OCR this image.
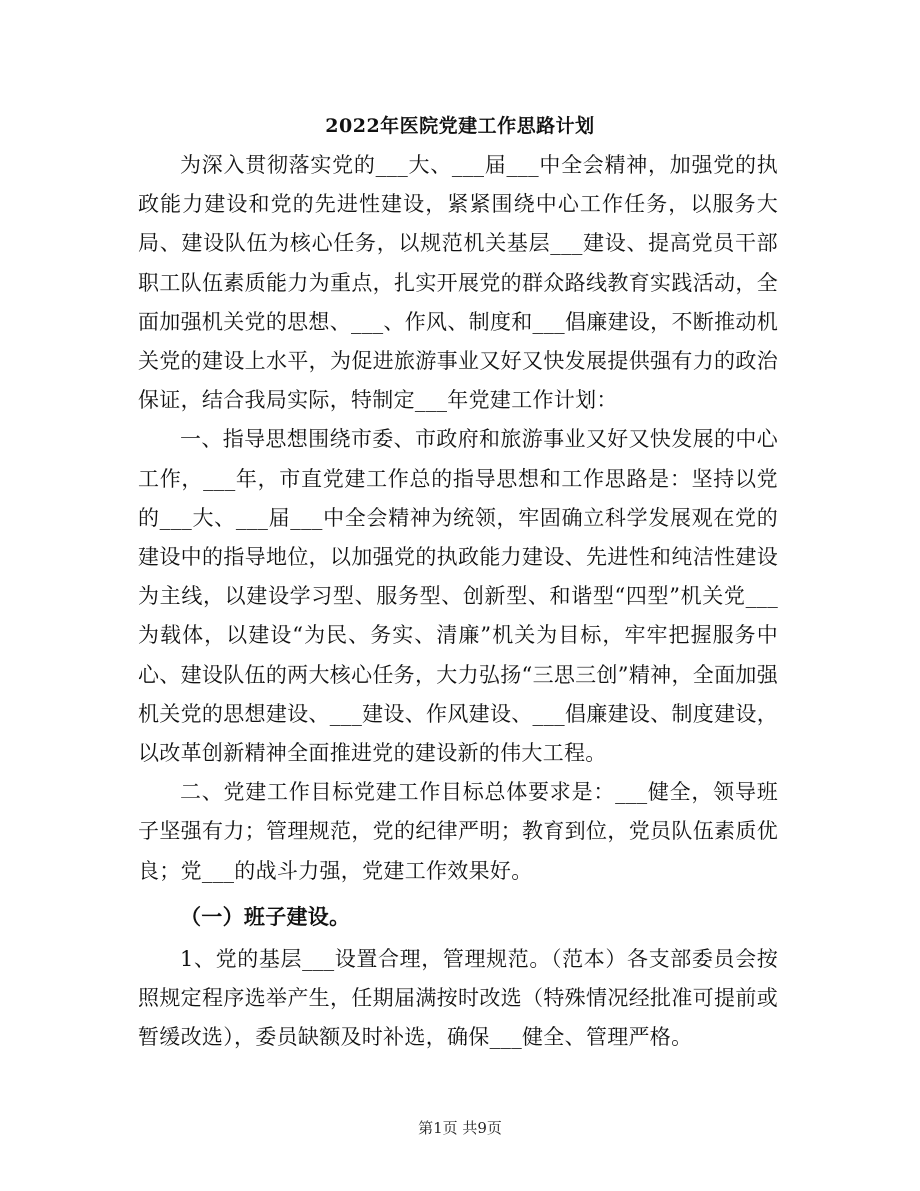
2022年医院党建工作思路计划

为深入贯彻落实党的___大、___届___中全会精神，加强党的执政能力建设和党的先进性建设，紧紧围绕中心工作任务，以服务大局、建设队伍为核心任务，以规范机关基层___建设、提高党员干部职工队伍素质能力为重点，扎实开展党的群众路线教育实践活动，全面加强机关党的思想、___、作风、制度和___倡廉建设，不断推动机关党的建设上水平，为促进旅游事业又好又快发展提供强有力的政治保证，结合我局实际，特制定___年党建工作计划：

一、指导思想围绕市委、市政府和旅游事业又好又快发展的中心工作，___年，市直党建工作总的指导思想和工作思路是：坚持以党的___大、___届___中全会精神为统领，牢固确立科学发展观在党的建设中的指导地位，以加强党的执政能力建设、先进性和纯洁性建设为主线，以建设学习型、服务型、创新型、和谐型“四型”机关党___为载体，以建设“为民、务实、清廉”机关为目标，牢牢把握服务中心、建设队伍的两大核心任务，大力弘扬“三思三创”精神，全面加强机关党的思想建设、___建设、作风建设、___倡廉建设、制度建设，以改革创新精神全面推进党的建设新的伟大工程。

二、党建工作目标党建工作目标总体要求是：___健全，领导班子坚强有力；管理规范，党的纪律严明；教育到位，党员队伍素质优良；党___的战斗力强，党建工作效果好。

（一）班子建设。

1、党的基层___设置合理，管理规范。（范本）各支部委员会按照规定程序选举产生，任期届满按时改选（特殊情况经批准可提前或暂缓改选），委员缺额及时补选，确保___健全、管理严格。

第1页 共9页
